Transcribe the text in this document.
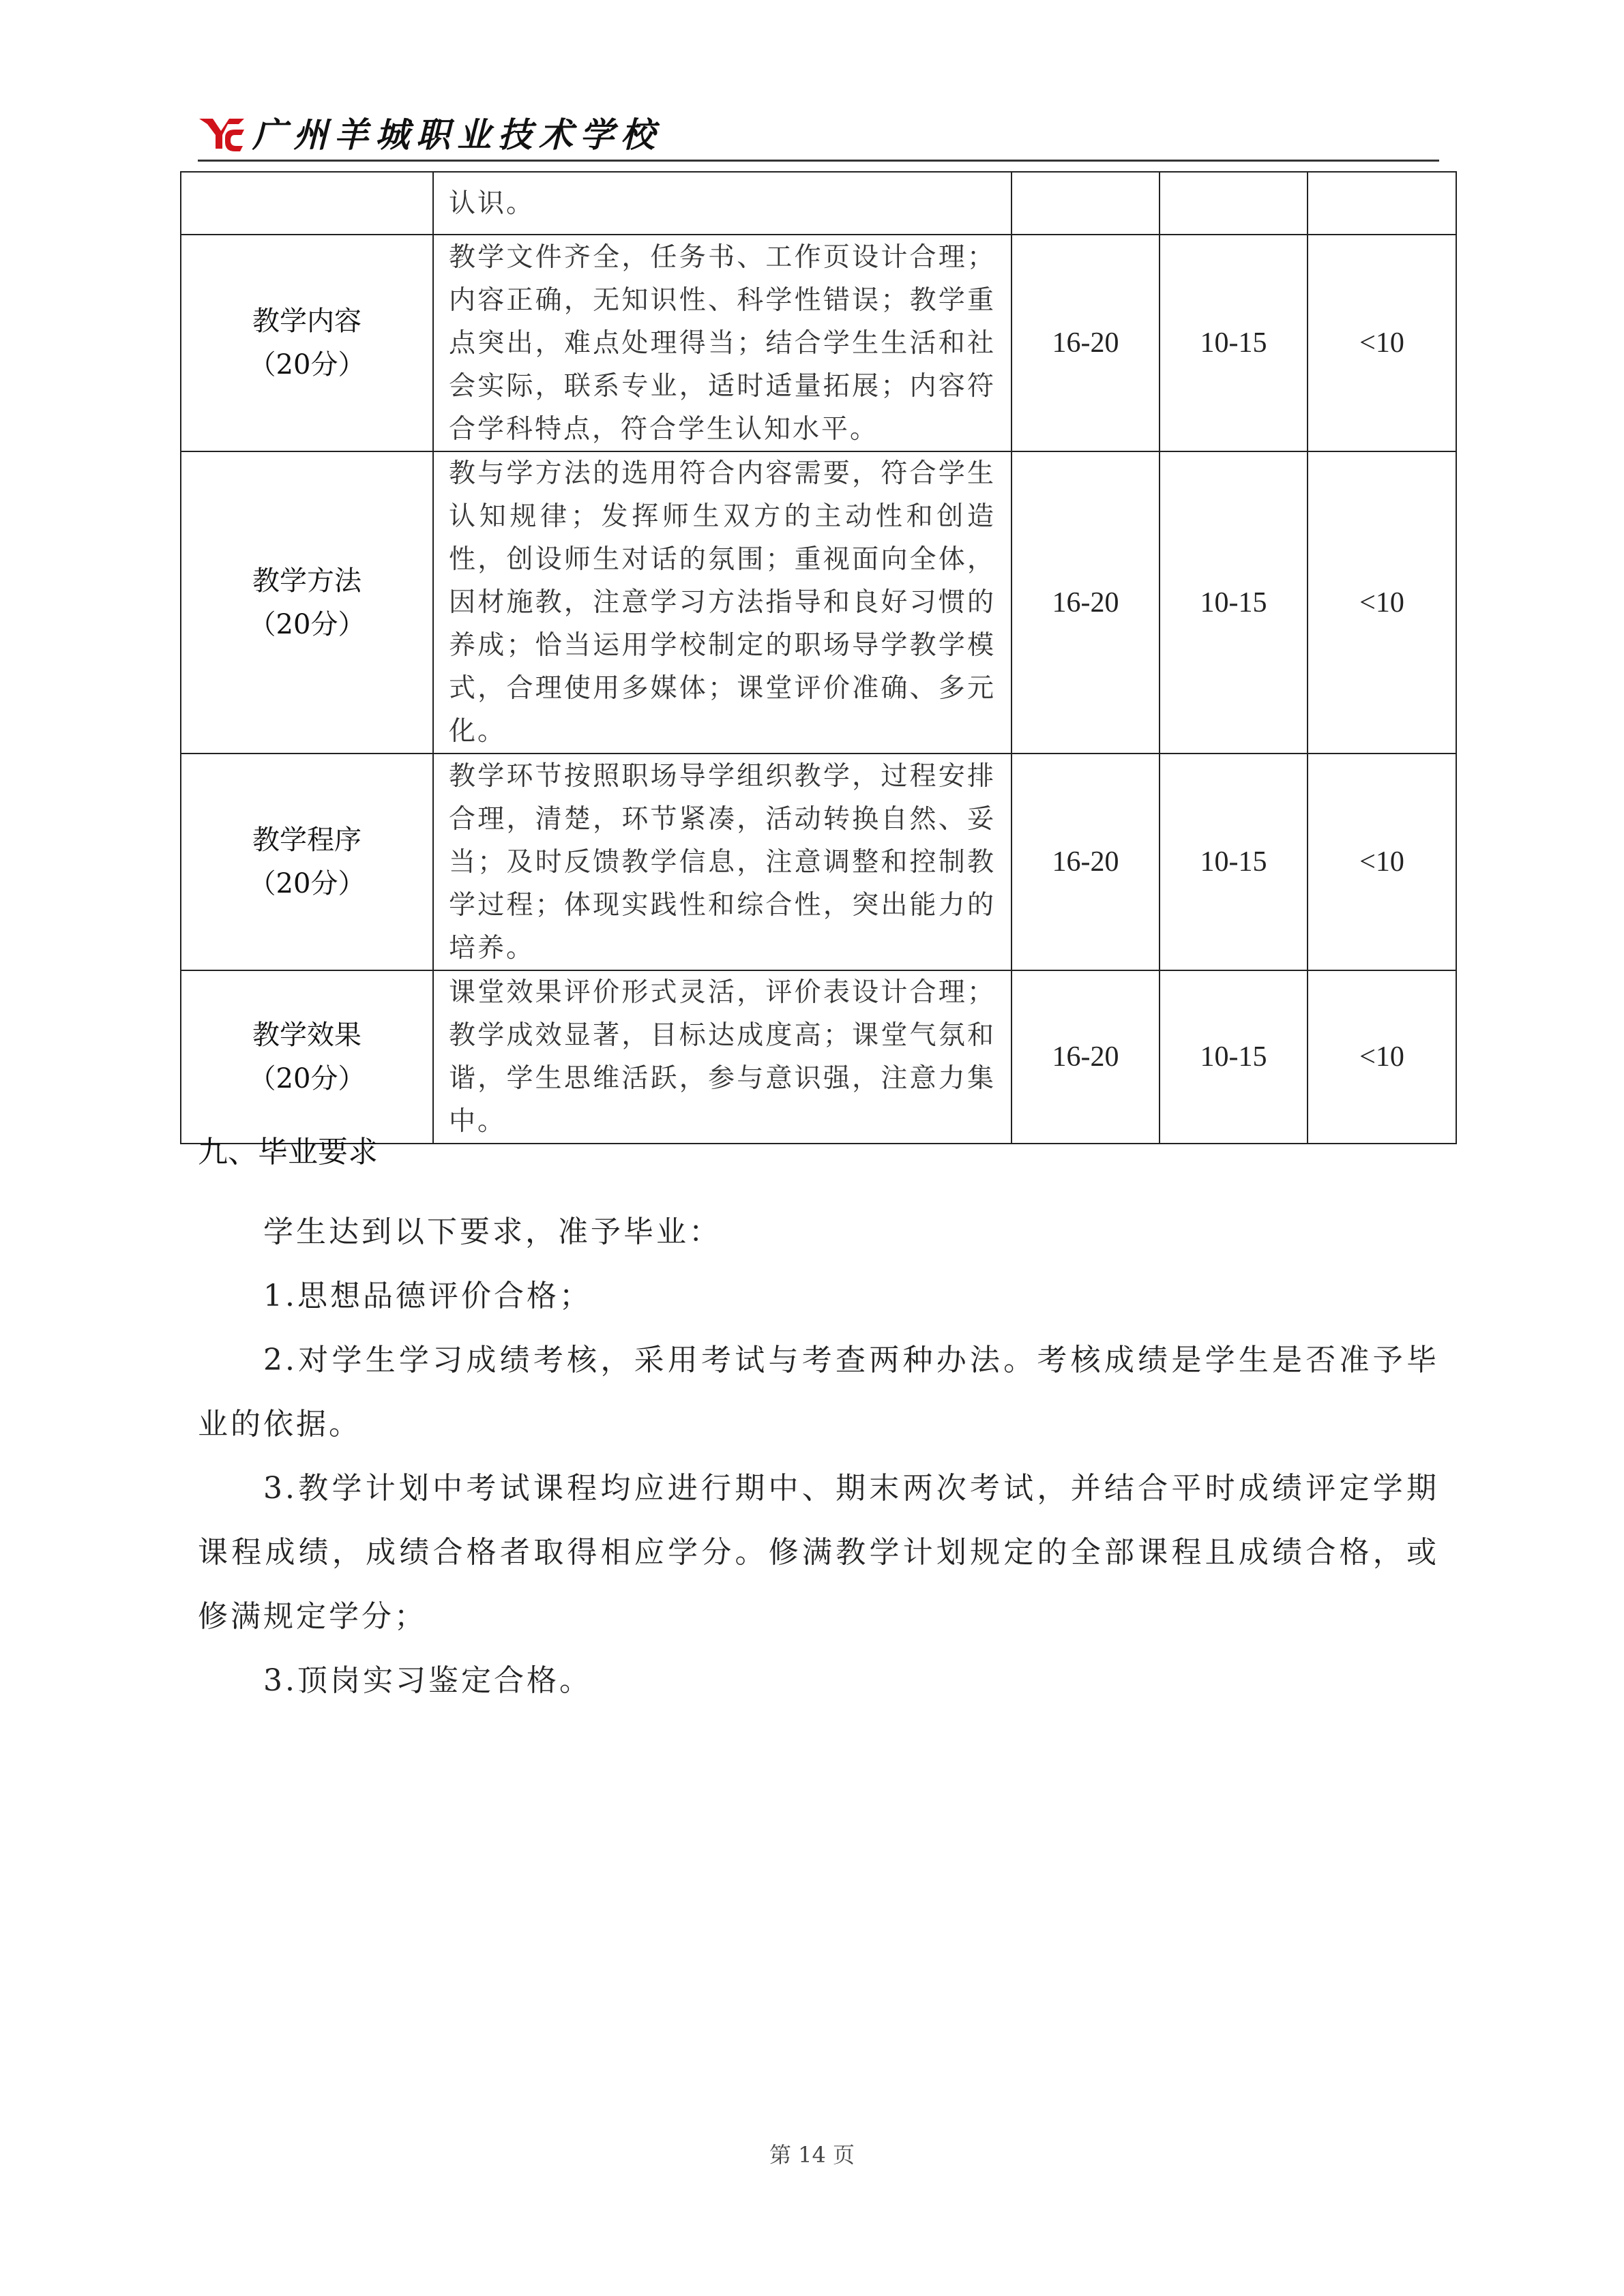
广州羊城职业技术学校
	认识。			

教学内容
（20分）	教学文件齐全，任务书、工作页设计合理；内容正确，无知识性、科学性错误；教学重点突出，难点处理得当；结合学生生活和社会实际，联系专业，适时适量拓展；内容符合学科特点，符合学生认知水平。	16-20	10-15	<10

教学方法
（20分）	教与学方法的选用符合内容需要，符合学生认知规律；发挥师生双方的主动性和创造性，创设师生对话的氛围；重视面向全体，因材施教，注意学习方法指导和良好习惯的养成；恰当运用学校制定的职场导学教学模式，合理使用多媒体；课堂评价准确、多元化。	16-20	10-15	<10

教学程序
（20分）	教学环节按照职场导学组织教学，过程安排合理，清楚，环节紧凑，活动转换自然、妥当；及时反馈教学信息，注意调整和控制教学过程；体现实践性和综合性，突出能力的培养。	16-20	10-15	<10

教学效果
（20分）	课堂效果评价形式灵活，评价表设计合理；教学成效显著，目标达成度高；课堂气氛和谐，学生思维活跃，参与意识强，注意力集中。	16-20	10-15	<10
九、毕业要求

学生达到以下要求，准予毕业：

1.思想品德评价合格；

2.对学生学习成绩考核，采用考试与考查两种办法。考核成绩是学生是否准予毕业的依据。

3.教学计划中考试课程均应进行期中、期末两次考试，并结合平时成绩评定学期课程成绩，成绩合格者取得相应学分。修满教学计划规定的全部课程且成绩合格，或修满规定学分；

3.顶岗实习鉴定合格。

第 14 页
